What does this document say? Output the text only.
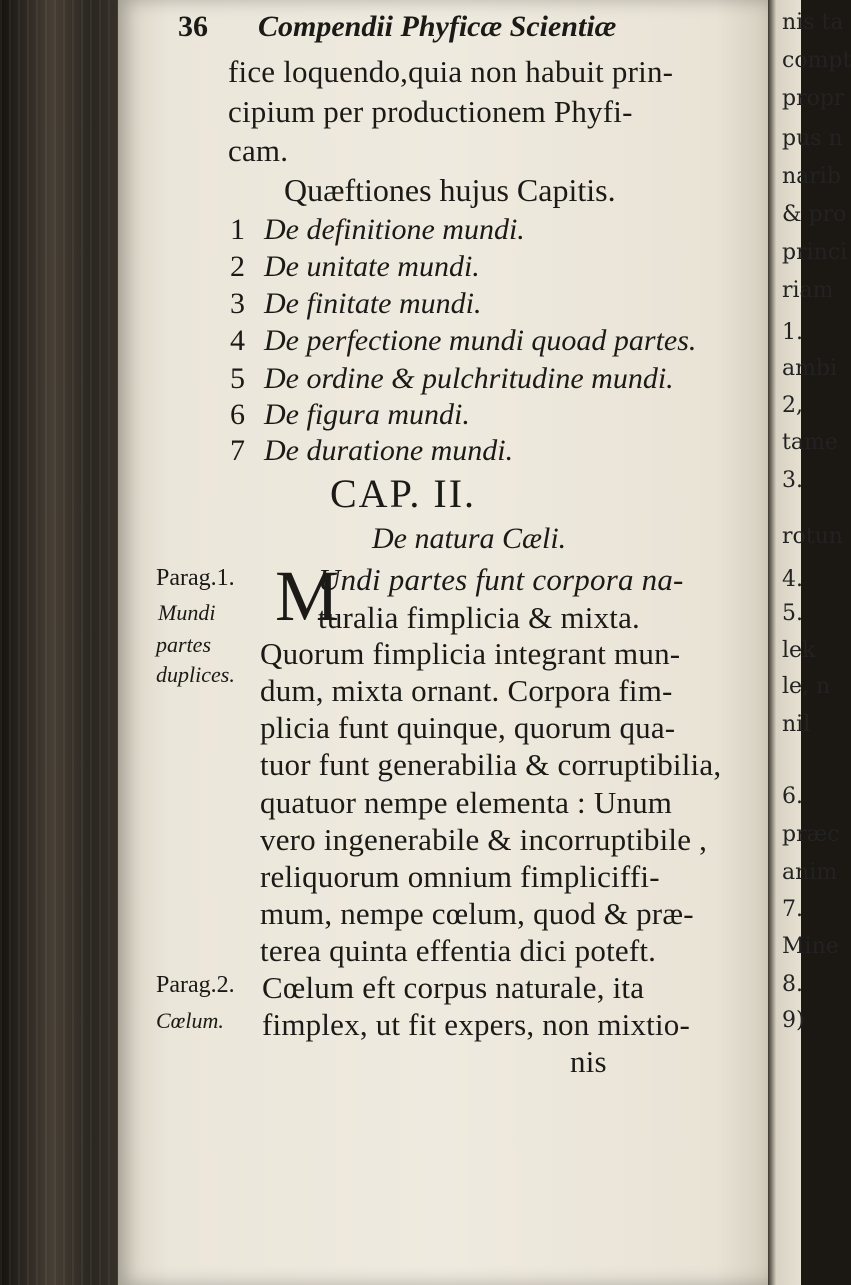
36 Compendii Phyficæ Scientiæ
fice loquendo,quia non habuit prin-
cipium per productionem Phyfi-
cam.
Quæftiones hujus Capitis.
1 De definitione mundi.
2 De unitate mundi.
3 De finitate mundi.
4 De perfectione mundi quoad partes.
5 De ordine & pulchritudine mundi.
6 De figura mundi.
7 De duratione mundi.
CAP. II.
De natura Cæli.
Parag.1.
Mundi
partes
duplices.
M
Undi partes funt corpora na-
turalia fimplicia & mixta.
Quorum fimplicia integrant mun-
dum, mixta ornant. Corpora fim-
plicia funt quinque, quorum qua-
tuor funt generabilia & corruptibilia,
quatuor nempe elementa : Unum
vero ingenerabile & incorruptibile ,
reliquorum omnium fimpliciffi-
mum, nempe cœlum, quod & præ-
terea quinta effentia dici poteft.
Parag.2.
Cœlum.
Cœlum eft corpus naturale, ita
fimplex, ut fit expers, non mixtio-
nis
nis ta
compt
propr
pus n
narib
& pro
princi
riam
1.
ambi
2,
tame
3.
rotun
4.
5.
lek
le, n
nil
6.
præc
anim
7.
Mine
8.
9)
